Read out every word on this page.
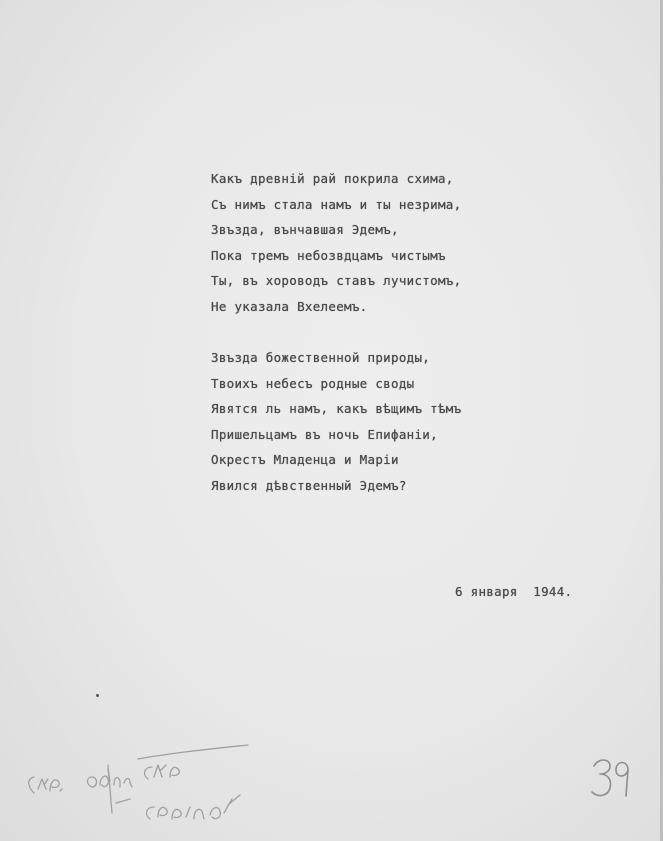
Какъ древній рай покрила схима,
Съ нимъ стала намъ и ты незрима,
Звъзда, вънчавшая Эдемъ,
Пока тремъ небозвдцамъ чистымъ
Ты, въ хороводъ ставъ лучистомъ,
Не указала Вхелеемъ.
Звъзда божественной природы,
Твоихъ небесъ родные своды
Явятся ль намъ, какъ вѣщимъ тѣмъ
Пришельцамъ въ ночь Епифаніи,
Окрестъ Младенца и Маріи
Явился дѣвственный Эдемъ?
6 января  1944.
